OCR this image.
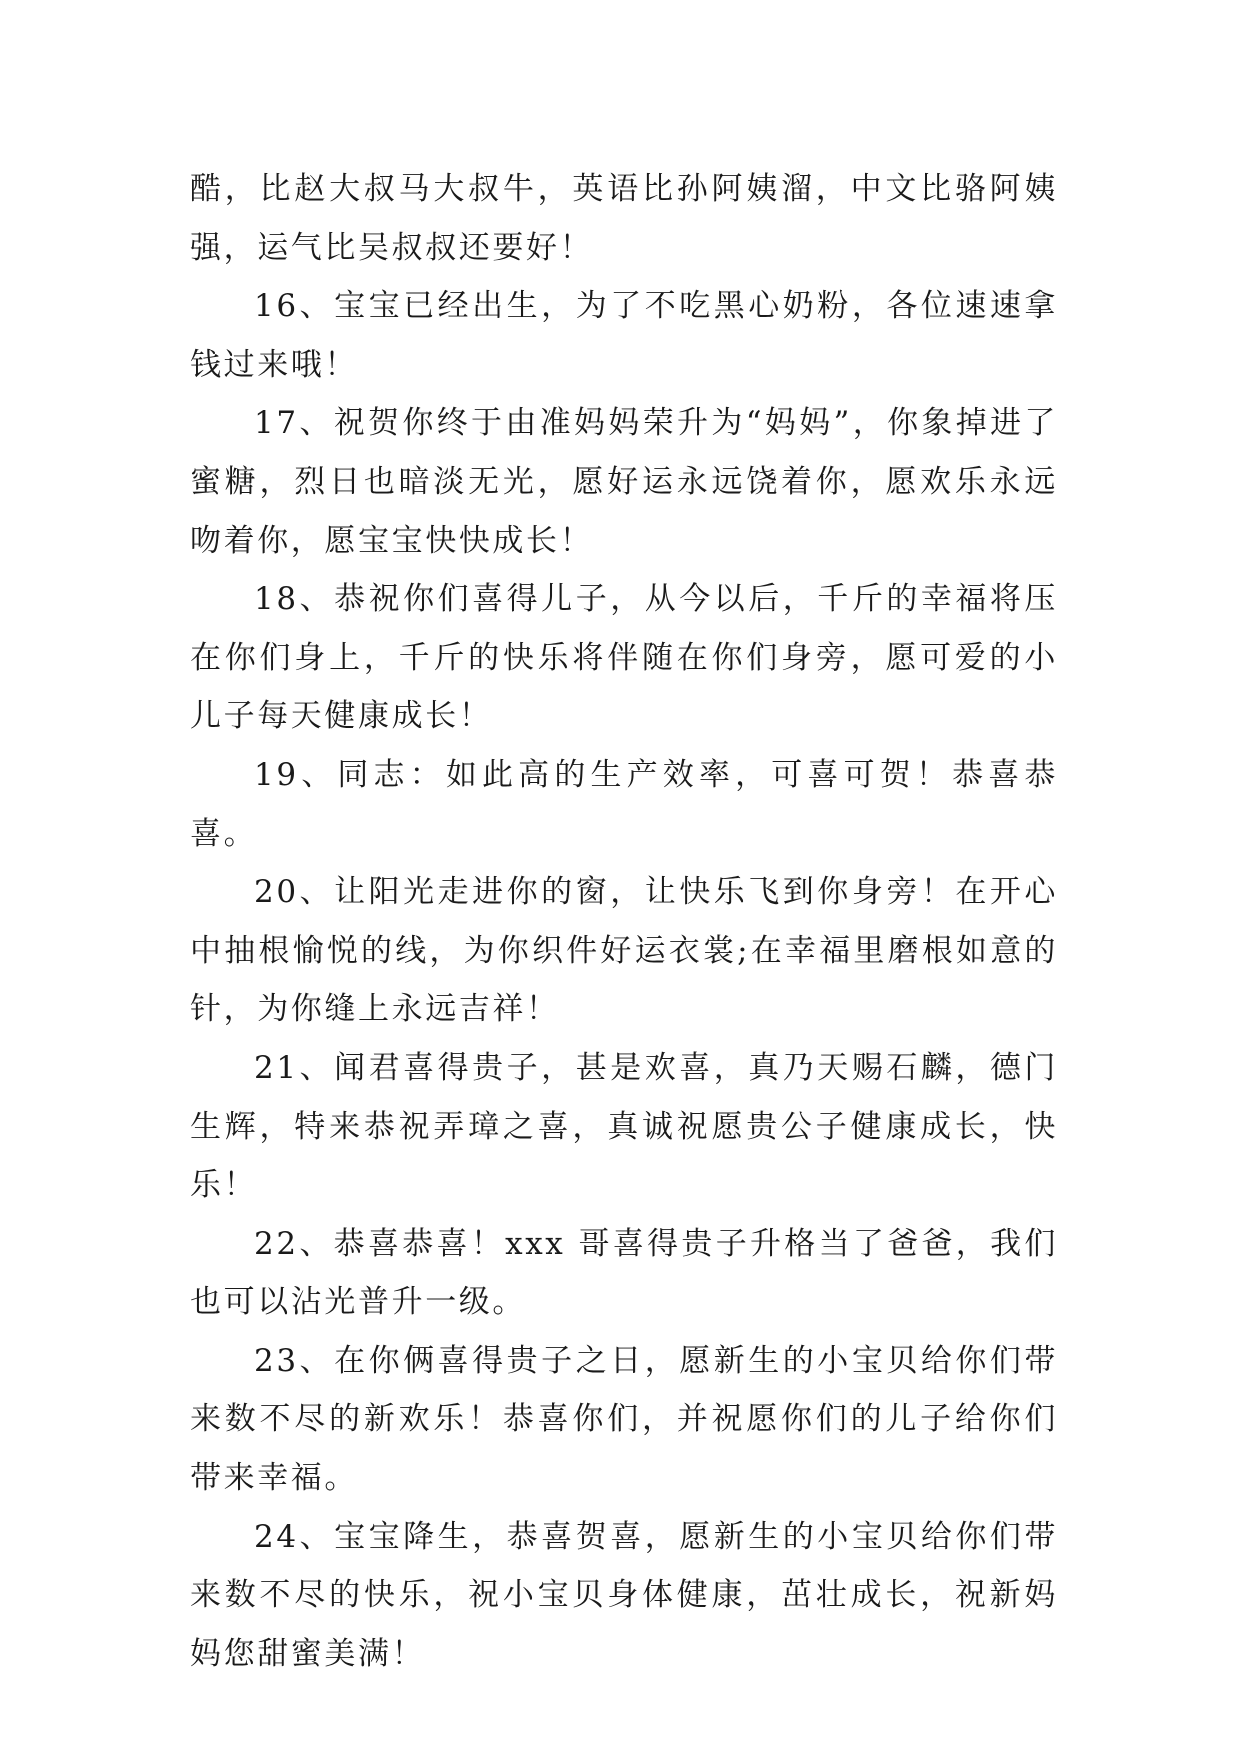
酷，比赵大叔马大叔牛，英语比孙阿姨溜，中文比骆阿姨强，运气比吴叔叔还要好！

16、宝宝已经出生，为了不吃黑心奶粉，各位速速拿钱过来哦！

17、祝贺你终于由准妈妈荣升为“妈妈”，你象掉进了蜜糖，烈日也暗淡无光，愿好运永远饶着你，愿欢乐永远吻着你，愿宝宝快快成长！

18、恭祝你们喜得儿子，从今以后，千斤的幸福将压在你们身上，千斤的快乐将伴随在你们身旁，愿可爱的小儿子每天健康成长！

19、同志：如此高的生产效率，可喜可贺！恭喜恭喜。

20、让阳光走进你的窗，让快乐飞到你身旁！在开心中抽根愉悦的线，为你织件好运衣裳;在幸福里磨根如意的针，为你缝上永远吉祥！

21、闻君喜得贵子，甚是欢喜，真乃天赐石麟，德门生辉，特来恭祝弄璋之喜，真诚祝愿贵公子健康成长，快乐！

22、恭喜恭喜！xxx 哥喜得贵子升格当了爸爸，我们也可以沾光普升一级。

23、在你俩喜得贵子之日，愿新生的小宝贝给你们带来数不尽的新欢乐！恭喜你们，并祝愿你们的儿子给你们带来幸福。

24、宝宝降生，恭喜贺喜，愿新生的小宝贝给你们带来数不尽的快乐，祝小宝贝身体健康，茁壮成长，祝新妈妈您甜蜜美满！
